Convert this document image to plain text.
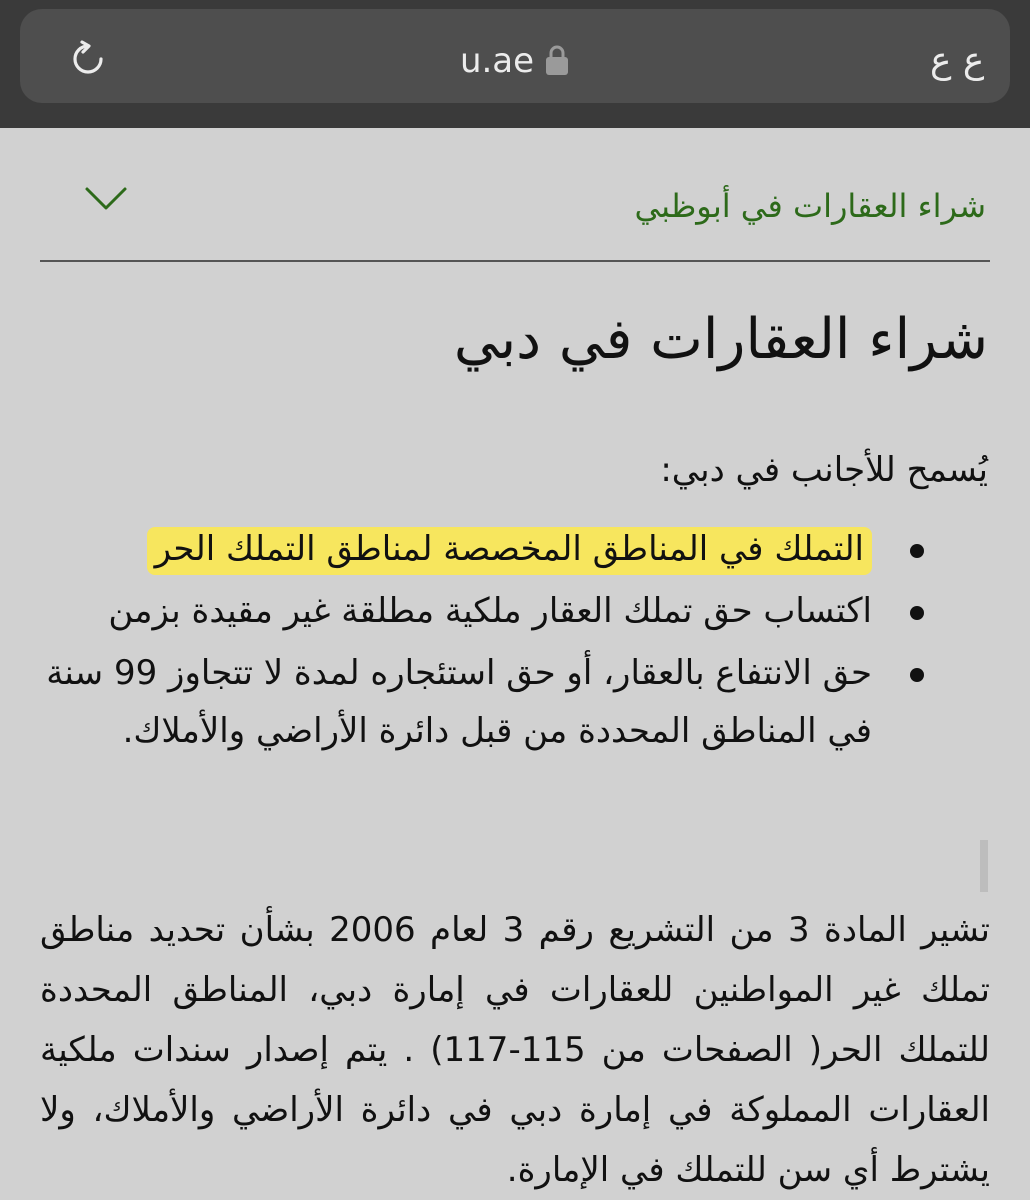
u.ae	ع ع
شراء العقارات في أبوظبي
شراء العقارات في دبي

يُسمح للأجانب في دبي:

التملك في المناطق المخصصة لمناطق التملك الحر
اكتساب حق تملك العقار ملكية مطلقة غير مقيدة بزمن
حق الانتفاع بالعقار، أو حق استئجاره لمدة لا تتجاوز 99 سنة في المناطق المحددة من قبل دائرة الأراضي والأملاك.

تشير المادة 3 من التشريع رقم 3 لعام 2006 بشأن تحديد مناطق تملك غير المواطنين للعقارات في إمارة دبي، المناطق المحددة للتملك الحر( الصفحات من 115-117) . يتم إصدار سندات ملكية العقارات المملوكة في إمارة دبي في دائرة الأراضي والأملاك، ولا يشترط أي سن للتملك في الإمارة.
